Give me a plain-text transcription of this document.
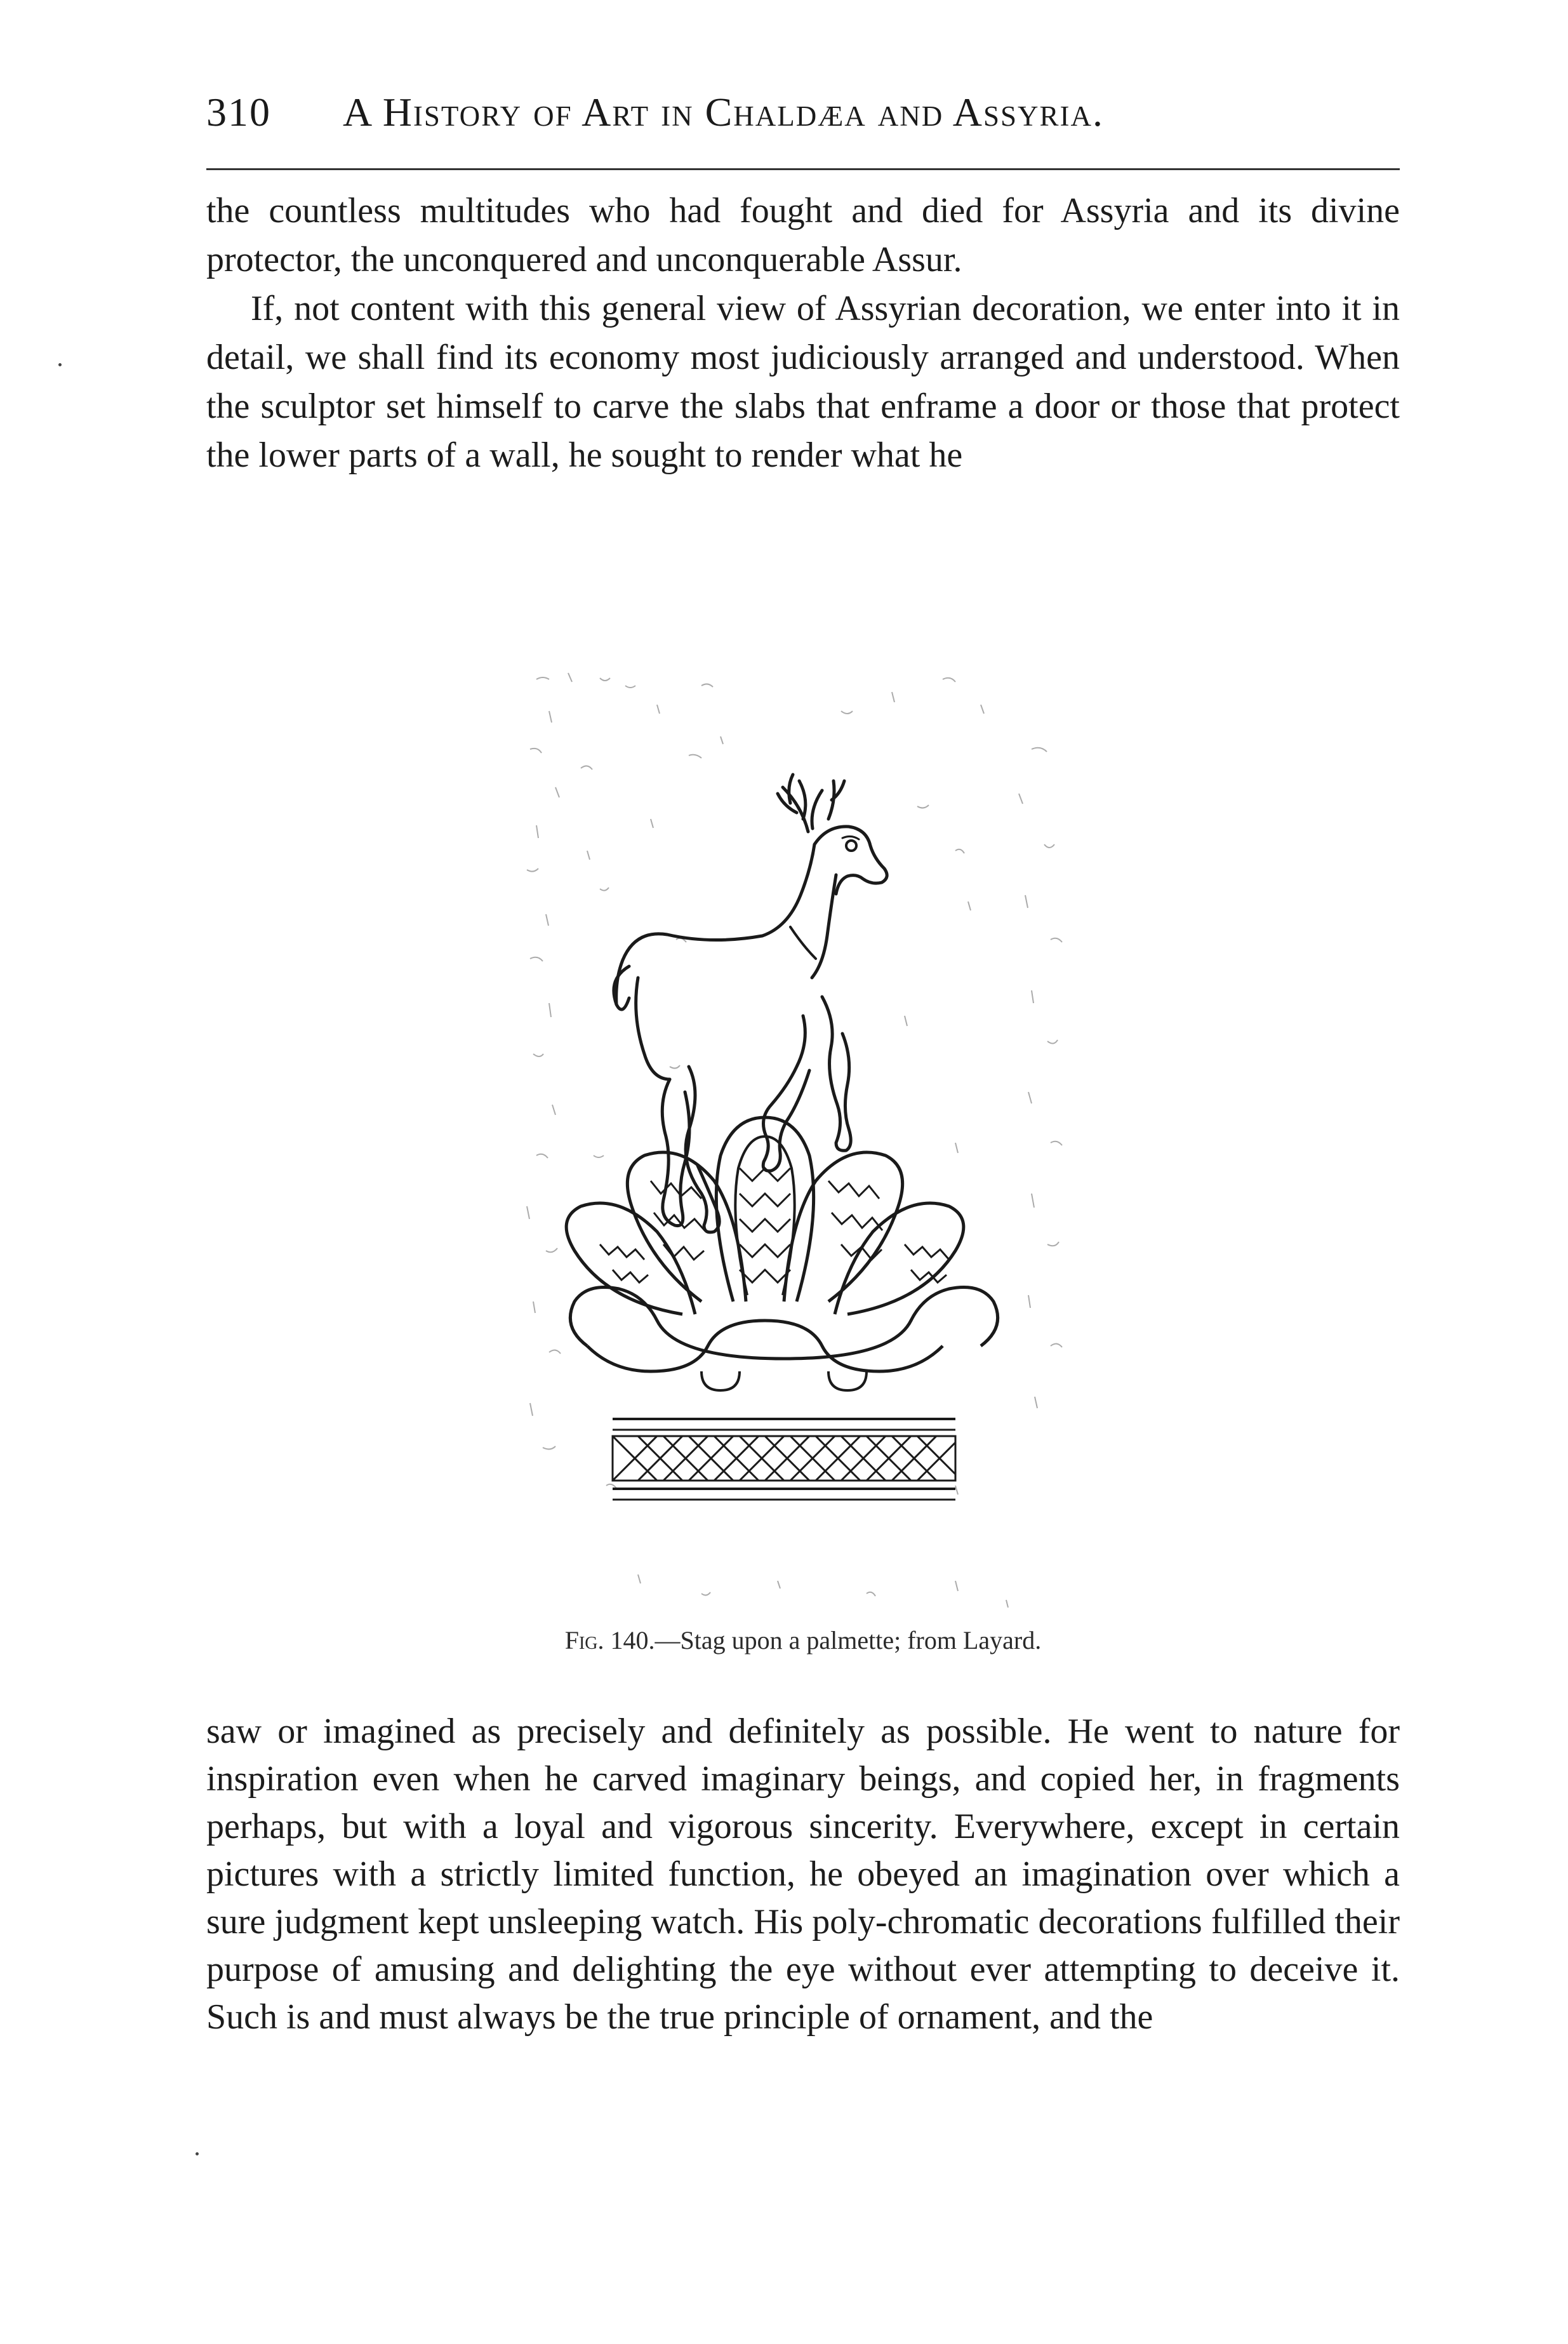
310 A History of Art in Chaldæa and Assyria.

the countless multitudes who had fought and died for Assyria and its divine protector, the unconquered and unconquerable Assur.

If, not content with this general view of Assyrian decoration, we enter into it in detail, we shall find its economy most judiciously arranged and understood. When the sculptor set himself to carve the slabs that enframe a door or those that protect the lower parts of a wall, he sought to render what he

Fig. 140.—Stag upon a palmette; from Layard.

saw or imagined as precisely and definitely as possible. He went to nature for inspiration even when he carved imaginary beings, and copied her, in fragments perhaps, but with a loyal and vigorous sincerity. Everywhere, except in certain pictures with a strictly limited function, he obeyed an imagination over which a sure judgment kept unsleeping watch. His poly-chromatic decorations fulfilled their purpose of amusing and delighting the eye without ever attempting to deceive it. Such is and must always be the true principle of ornament, and the
